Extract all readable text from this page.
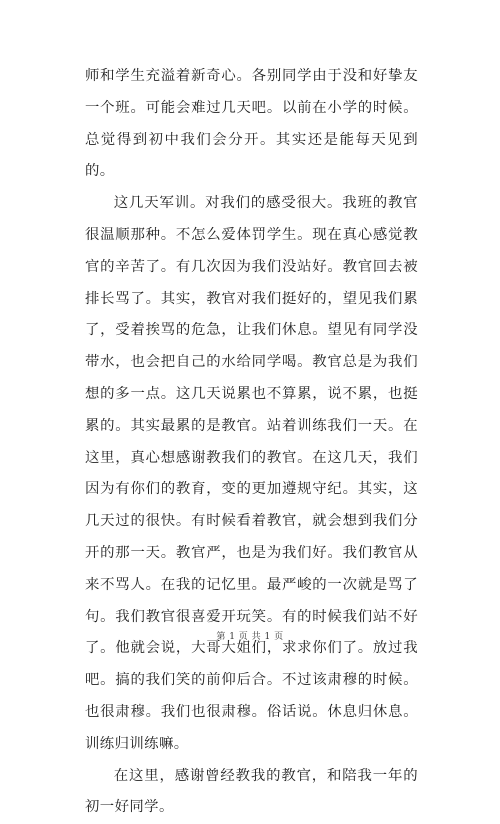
师和学生充溢着新奇心。各别同学由于没和好挚友一个班。可能会难过几天吧。以前在小学的时候。总觉得到初中我们会分开。其实还是能每天见到的。

这几天军训。对我们的感受很大。我班的教官很温顺那种。不怎么爱体罚学生。现在真心感觉教官的辛苦了。有几次因为我们没站好。教官回去被排长骂了。其实，教官对我们挺好的，望见我们累了，受着挨骂的危急，让我们休息。望见有同学没带水，也会把自己的水给同学喝。教官总是为我们想的多一点。这几天说累也不算累，说不累，也挺累的。其实最累的是教官。站着训练我们一天。在这里，真心想感谢教我们的教官。在这几天，我们因为有你们的教育，变的更加遵规守纪。其实，这几天过的很快。有时候看着教官，就会想到我们分开的那一天。教官严，也是为我们好。我们教官从来不骂人。在我的记忆里。最严峻的一次就是骂了句。我们教官很喜爱开玩笑。有的时候我们站不好了。他就会说，大哥大姐们，求求你们了。放过我吧。搞的我们笑的前仰后合。不过该肃穆的时候。也很肃穆。我们也很肃穆。俗话说。休息归休息。训练归训练嘛。

在这里，感谢曾经教我的教官，和陪我一年的初一好同学。

第 1 页 共 1 页
